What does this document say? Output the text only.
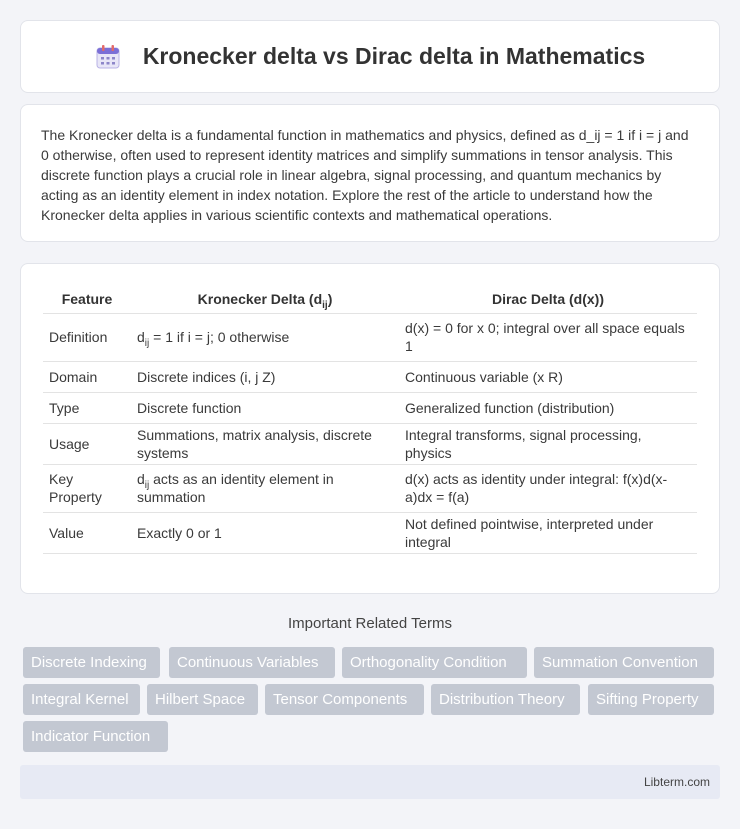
Kronecker delta vs Dirac delta in Mathematics

The Kronecker delta is a fundamental function in mathematics and physics, defined as d_ij = 1 if i = j and 0 otherwise, often used to represent identity matrices and simplify summations in tensor analysis. This discrete function plays a crucial role in linear algebra, signal processing, and quantum mechanics by acting as an identity element in index notation. Explore the rest of the article to understand how the Kronecker delta applies in various scientific contexts and mathematical operations.

Feature	Kronecker Delta $(d_{ij})$	Dirac Delta (d(x))
Definition	$d_{ij} = 1$ if i = j; 0 otherwise	d(x) = 0 for x 0; integral over all space equals 1
Domain	Discrete indices (i, j Z)	Continuous variable (x R)
Type	Discrete function	Generalized function (distribution)
Usage	Summations, matrix analysis, discrete systems	Integral transforms, signal processing, physics
Key Property	$d_{ij}$ acts as an identity element in summation	d(x) acts as identity under integral: f(x)d(x-a)dx = f(a)
Value	Exactly 0 or 1	Not defined pointwise, interpreted under integral
Important Related Terms
Discrete Indexing	Continuous Variables	Orthogonality Condition	Summation Convention
Integral Kernel	Hilbert Space	Tensor Components	Distribution Theory	Sifting Property
Indicator Function
Libterm.com
